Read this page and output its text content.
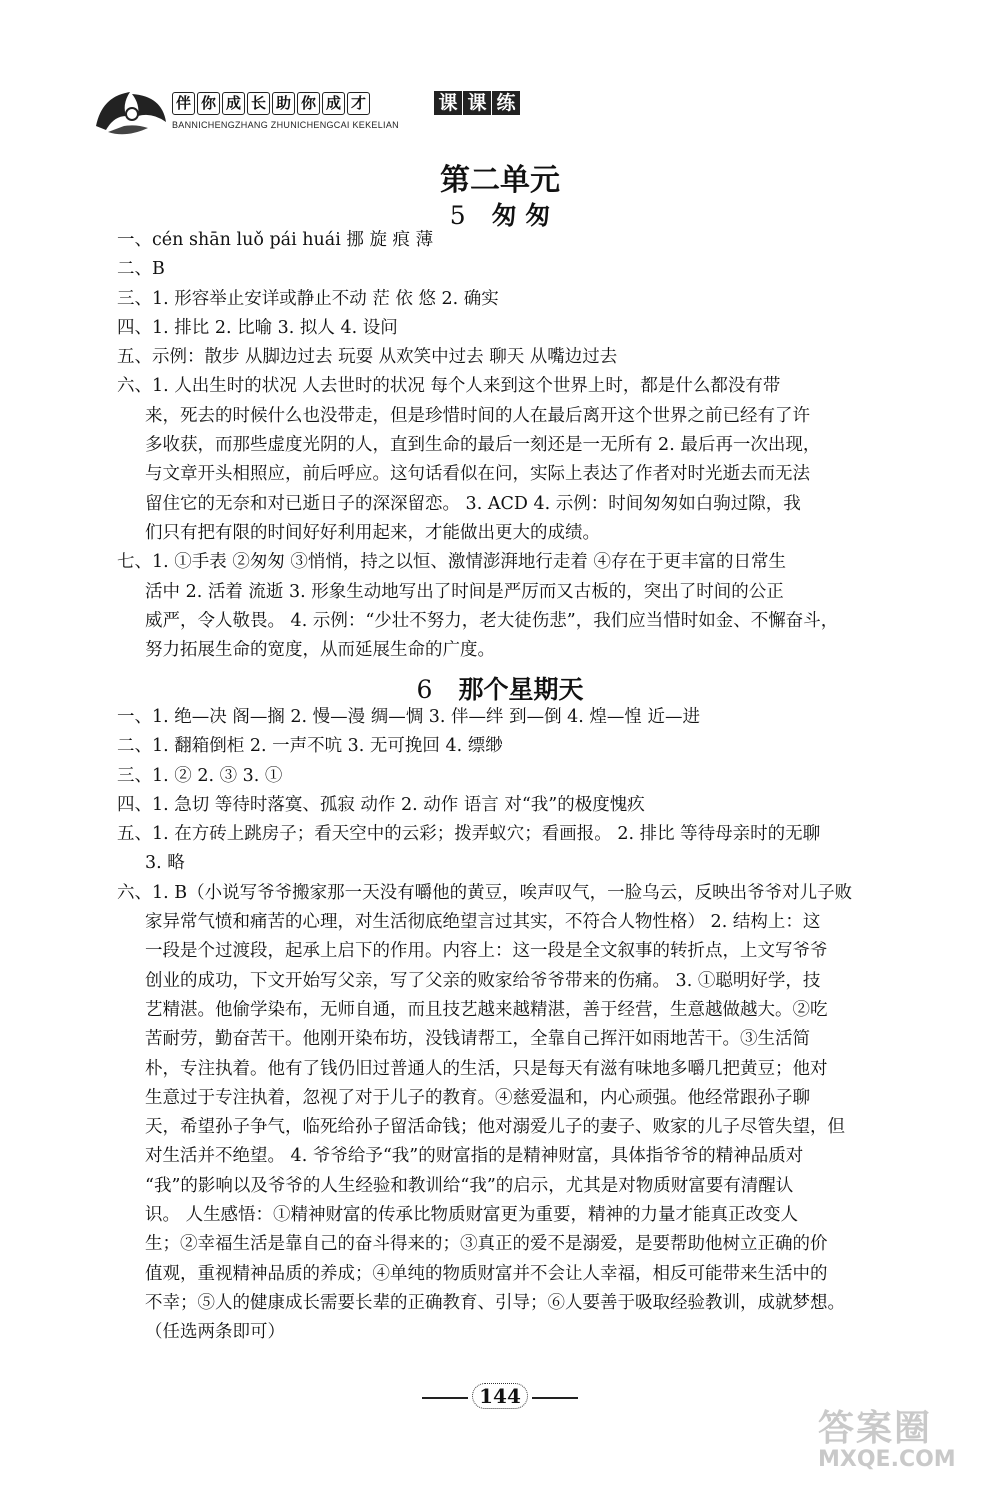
伴 你 成 长 助 你 成 才	课 课 练
BANNICHENGZHANG ZHUNICHENGCAI KEKELIAN
第二单元
5 匆 匆
一、cén shān luǒ pái huái 挪 旋 痕 薄
二、B
三、1. 形容举止安详或静止不动 茫 依 悠 2. 确实
四、1. 排比 2. 比喻 3. 拟人 4. 设问
五、示例：散步 从脚边过去 玩耍 从欢笑中过去 聊天 从嘴边过去
六、1. 人出生时的状况 人去世时的状况 每个人来到这个世界上时，都是什么都没有带
来，死去的时候什么也没带走，但是珍惜时间的人在最后离开这个世界之前已经有了许
多收获，而那些虚度光阴的人，直到生命的最后一刻还是一无所有 2. 最后再一次出现，
与文章开头相照应，前后呼应。这句话看似在问，实际上表达了作者对时光逝去而无法
留住它的无奈和对已逝日子的深深留恋。 3. ACD 4. 示例：时间匆匆如白驹过隙，我
们只有把有限的时间好好利用起来，才能做出更大的成绩。
七、1. ①手表 ②匆匆 ③悄悄，持之以恒、激情澎湃地行走着 ④存在于更丰富的日常生
活中 2. 活着 流逝 3. 形象生动地写出了时间是严厉而又古板的，突出了时间的公正
威严，令人敬畏。 4. 示例：“少壮不努力，老大徒伤悲”，我们应当惜时如金、不懈奋斗，
努力拓展生命的宽度，从而延展生命的广度。
6 那个星期天
一、1. 绝—决 阁—搁 2. 慢—漫 绸—惆 3. 伴—绊 到—倒 4. 煌—惶 近—进
二、1. 翻箱倒柜 2. 一声不吭 3. 无可挽回 4. 缥缈
三、1. ② 2. ③ 3. ①
四、1. 急切 等待时落寞、孤寂 动作 2. 动作 语言 对“我”的极度愧疚
五、1. 在方砖上跳房子；看天空中的云彩；拨弄蚁穴；看画报。 2. 排比 等待母亲时的无聊
3. 略
六、1. B（小说写爷爷搬家那一天没有嚼他的黄豆，唉声叹气，一脸乌云，反映出爷爷对儿子败
家异常气愤和痛苦的心理，对生活彻底绝望言过其实，不符合人物性格） 2. 结构上：这
一段是个过渡段，起承上启下的作用。内容上：这一段是全文叙事的转折点，上文写爷爷
创业的成功，下文开始写父亲，写了父亲的败家给爷爷带来的伤痛。 3. ①聪明好学，技
艺精湛。他偷学染布，无师自通，而且技艺越来越精湛，善于经营，生意越做越大。②吃
苦耐劳，勤奋苦干。他刚开染布坊，没钱请帮工，全靠自己挥汗如雨地苦干。③生活简
朴，专注执着。他有了钱仍旧过普通人的生活，只是每天有滋有味地多嚼几把黄豆；他对
生意过于专注执着，忽视了对于儿子的教育。④慈爱温和，内心顽强。他经常跟孙子聊
天，希望孙子争气，临死给孙子留活命钱；他对溺爱儿子的妻子、败家的儿子尽管失望，但
对生活并不绝望。 4. 爷爷给予“我”的财富指的是精神财富，具体指爷爷的精神品质对
“我”的影响以及爷爷的人生经验和教训给“我”的启示，尤其是对物质财富要有清醒认
识。 人生感悟：①精神财富的传承比物质财富更为重要，精神的力量才能真正改变人
生；②幸福生活是靠自己的奋斗得来的；③真正的爱不是溺爱，是要帮助他树立正确的价
值观，重视精神品质的养成；④单纯的物质财富并不会让人幸福，相反可能带来生活中的
不幸；⑤人的健康成长需要长辈的正确教育、引导；⑥人要善于吸取经验教训，成就梦想。
（任选两条即可）
144
答案圈
MXQE.COM
